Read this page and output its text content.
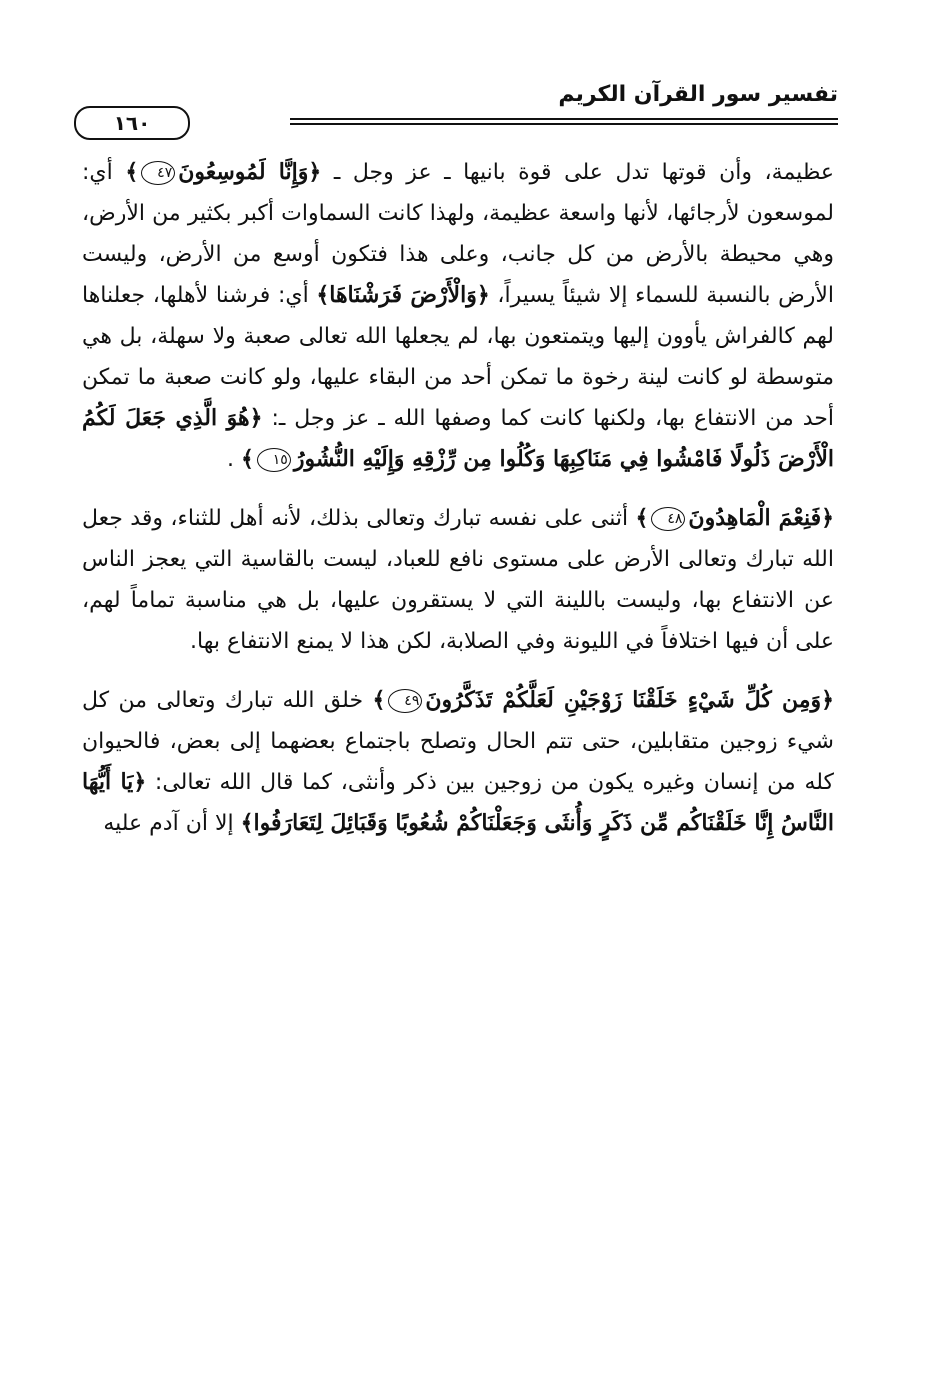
تفسير سور القرآن الكريم
١٦٠

عظيمة، وأن قوتها تدل على قوة بانيها ـ عز وجل ـ ﴿وَإِنَّا لَمُوسِعُونَ٤٧﴾ أي: لموسعون لأرجائها، لأنها واسعة عظيمة، ولهذا كانت السماوات أكبر بكثير من الأرض، وهي محيطة بالأرض من كل جانب، وعلى هذا فتكون أوسع من الأرض، وليست الأرض بالنسبة للسماء إلا شيئاً يسيراً، ﴿وَالْأَرْضَ فَرَشْنَاهَا﴾ أي: فرشنا لأهلها، جعلناها لهم كالفراش يأوون إليها ويتمتعون بها، لم يجعلها الله تعالى صعبة ولا سهلة، بل هي متوسطة لو كانت لينة رخوة ما تمكن أحد من البقاء عليها، ولو كانت صعبة ما تمكن أحد من الانتفاع بها، ولكنها كانت كما وصفها الله ـ عز وجل ـ: ﴿هُوَ الَّذِي جَعَلَ لَكُمُ الْأَرْضَ ذَلُولًا فَامْشُوا فِي مَنَاكِبِهَا وَكُلُوا مِن رِّزْقِهِ وَإِلَيْهِ النُّشُورُ١٥﴾ .

﴿فَنِعْمَ الْمَاهِدُونَ٤٨﴾ أثنى على نفسه تبارك وتعالى بذلك، لأنه أهل للثناء، وقد جعل الله تبارك وتعالى الأرض على مستوى نافع للعباد، ليست بالقاسية التي يعجز الناس عن الانتفاع بها، وليست باللينة التي لا يستقرون عليها، بل هي مناسبة تماماً لهم، على أن فيها اختلافاً في الليونة وفي الصلابة، لكن هذا لا يمنع الانتفاع بها.

﴿وَمِن كُلِّ شَيْءٍ خَلَقْنَا زَوْجَيْنِ لَعَلَّكُمْ تَذَكَّرُونَ٤٩﴾ خلق الله تبارك وتعالى من كل شيء زوجين متقابلين، حتى تتم الحال وتصلح باجتماع بعضهما إلى بعض، فالحيوان كله من إنسان وغيره يكون من زوجين بين ذكر وأنثى، كما قال الله تعالى: ﴿يَا أَيُّهَا النَّاسُ إِنَّا خَلَقْنَاكُم مِّن ذَكَرٍ وَأُنثَى وَجَعَلْنَاكُمْ شُعُوبًا وَقَبَائِلَ لِتَعَارَفُوا﴾ إلا أن آدم عليه
